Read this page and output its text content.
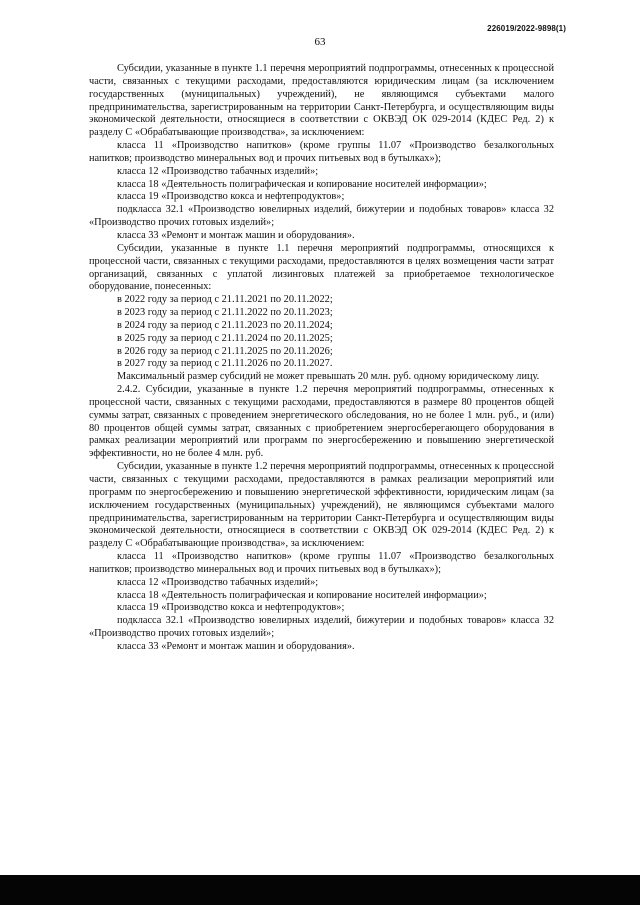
226019/2022-9898(1)
63

Субсидии, указанные в пункте 1.1 перечня мероприятий подпрограммы, отнесенных к процессной части, связанных с текущими расходами, предоставляются юридическим лицам (за исключением государственных (муниципальных) учреждений), не являющимся субъектами малого предпринимательства, зарегистрированным на территории Санкт-Петербурга, и осуществляющим виды экономической деятельности, относящиеся в соответствии с ОКВЭД ОК 029-2014 (КДЕС Ред. 2) к разделу С «Обрабатывающие производства», за исключением:

класса 11 «Производство напитков» (кроме группы 11.07 «Производство безалкогольных напитков; производство минеральных вод и прочих питьевых вод в бутылках»);

класса 12 «Производство табачных изделий»;

класса 18 «Деятельность полиграфическая и копирование носителей информации»;

класса 19 «Производство кокса и нефтепродуктов»;

подкласса 32.1 «Производство ювелирных изделий, бижутерии и подобных товаров» класса 32 «Производство прочих готовых изделий»;

класса 33 «Ремонт и монтаж машин и оборудования».

Субсидии, указанные в пункте 1.1 перечня мероприятий подпрограммы, относящихся к процессной части, связанных с текущими расходами, предоставляются в целях возмещения части затрат организаций, связанных с уплатой лизинговых платежей за приобретаемое технологическое оборудование, понесенных:

в 2022 году за период с 21.11.2021 по 20.11.2022;

в 2023 году за период с 21.11.2022 по 20.11.2023;

в 2024 году за период с 21.11.2023 по 20.11.2024;

в 2025 году за период с 21.11.2024 по 20.11.2025;

в 2026 году за период с 21.11.2025 по 20.11.2026;

в 2027 году за период с 21.11.2026 по 20.11.2027.

Максимальный размер субсидий не может превышать 20 млн. руб. одному юридическому лицу.

2.4.2. Субсидии, указанные в пункте 1.2 перечня мероприятий подпрограммы, отнесенных к процессной части, связанных с текущими расходами, предоставляются в размере 80 процентов общей суммы затрат, связанных с проведением энергетического обследования, но не более 1 млн. руб., и (или) 80 процентов общей суммы затрат, связанных с приобретением энергосберегающего оборудования в рамках реализации мероприятий или программ по энергосбережению и повышению энергетической эффективности, но не более 4 млн. руб.

Субсидии, указанные в пункте 1.2 перечня мероприятий подпрограммы, отнесенных к процессной части, связанных с текущими расходами, предоставляются в рамках реализации мероприятий или программ по энергосбережению и повышению энергетической эффективности, юридическим лицам (за исключением государственных (муниципальных) учреждений), не являющимся субъектами малого предпринимательства, зарегистрированным на территории Санкт-Петербурга и осуществляющим виды экономической деятельности, относящиеся в соответствии с ОКВЭД ОК 029-2014 (КДЕС Ред. 2) к разделу С «Обрабатывающие производства», за исключением:

класса 11 «Производство напитков» (кроме группы 11.07 «Производство безалкогольных напитков; производство минеральных вод и прочих питьевых вод в бутылках»);

класса 12 «Производство табачных изделий»;

класса 18 «Деятельность полиграфическая и копирование носителей информации»;

класса 19 «Производство кокса и нефтепродуктов»;

подкласса 32.1 «Производство ювелирных изделий, бижутерии и подобных товаров» класса 32 «Производство прочих готовых изделий»;

класса 33 «Ремонт и монтаж машин и оборудования».
